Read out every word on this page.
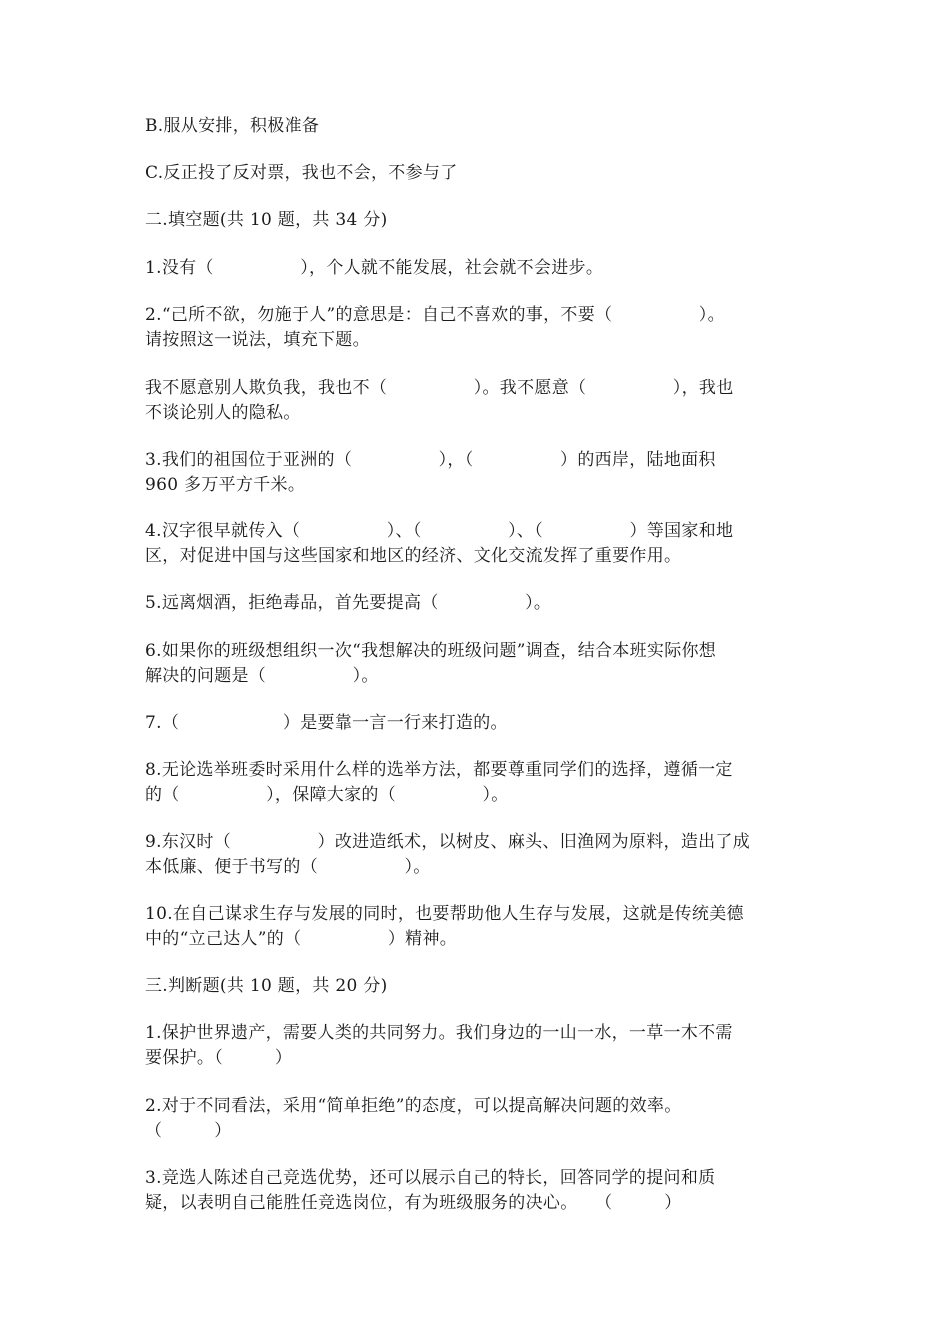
B.服从安排，积极准备
C.反正投了反对票，我也不会，不参与了
二.填空题(共 10 题，共 34 分)
1.没有（　　　　　），个人就不能发展，社会就不会进步。
2.“己所不欲，勿施于人”的意思是：自己不喜欢的事，不要（　　　　　）。
请按照这一说法，填充下题。
我不愿意别人欺负我，我也不（　　　　　）。我不愿意（　　　　　），我也
不谈论别人的隐私。
3.我们的祖国位于亚洲的（　　　　　），（　　　　　）的西岸，陆地面积
960 多万平方千米。
4.汉字很早就传入（　　　　　）、（　　　　　）、（　　　　　）等国家和地
区，对促进中国与这些国家和地区的经济、文化交流发挥了重要作用。
5.远离烟酒，拒绝毒品，首先要提高（　　　　　）。
6.如果你的班级想组织一次“我想解决的班级问题”调查，结合本班实际你想
解决的问题是（　　　　　）。
7.（　　　　　　）是要靠一言一行来打造的。
8.无论选举班委时采用什么样的选举方法，都要尊重同学们的选择，遵循一定
的（　　　　　），保障大家的（　　　　　）。
9.东汉时（　　　　　）改进造纸术，以树皮、麻头、旧渔网为原料，造出了成
本低廉、便于书写的（　　　　　）。
10.在自己谋求生存与发展的同时，也要帮助他人生存与发展，这就是传统美德
中的“立己达人”的（　　　　　）精神。
三.判断题(共 10 题，共 20 分)
1.保护世界遗产，需要人类的共同努力。我们身边的一山一水，一草一木不需
要保护。（　　　）
2.对于不同看法，采用“简单拒绝”的态度，可以提高解决问题的效率。
（　　　）
3.竞选人陈述自己竞选优势，还可以展示自己的特长，回答同学的提问和质
疑，以表明自己能胜任竞选岗位，有为班级服务的决心。　　（　　　）
